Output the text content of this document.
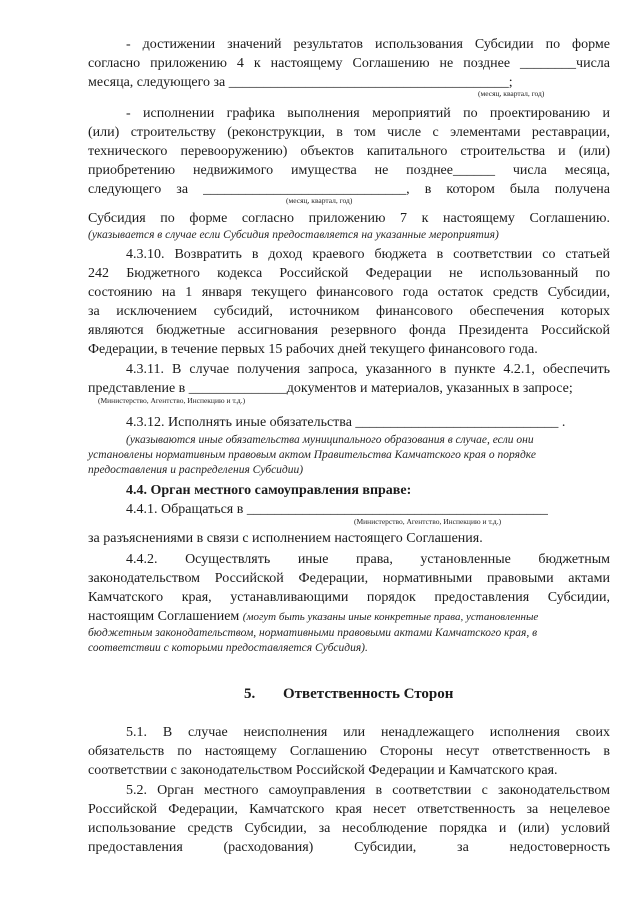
- достижении значений результатов использования Субсидии по форме
согласно приложению 4 к настоящему Соглашению не позднее ________числа
месяца, следующего за ________________________________________;
(месяц, квартал, год)
- исполнении графика выполнения мероприятий по проектированию и
(или) строительству (реконструкции, в том числе с элементами реставрации,
технического перевооружению) объектов капитального строительства и (или)
приобретению недвижимого имущества не позднее______ числа месяца,
следующего за _____________________________, в котором была получена
(месяц, квартал, год)
Субсидия по форме согласно приложению 7 к настоящему Соглашению.
(указывается в случае если Субсидия предоставляется на указанные мероприятия)
4.3.10. Возвратить в доход краевого бюджета в соответствии со статьей
242 Бюджетного кодекса Российской Федерации не использованный по
состоянию на 1 января текущего финансового года остаток средств Субсидии,
за исключением субсидий, источником финансового обеспечения которых
являются бюджетные ассигнования резервного фонда Президента Российской
Федерации, в течение первых 15 рабочих дней текущего финансового года.
4.3.11. В случае получения запроса, указанного в пункте 4.2.1, обеспечить
представление в ______________документов и материалов, указанных в запросе;
(Министерство, Агентство, Инспекцию и т.д.)
4.3.12. Исполнять иные обязательства _____________________________ .
(указываются иные обязательства муниципального образования в случае, если они
установлены нормативным правовым актом Правительства Камчатского края о порядке
предоставления и распределения Субсидии)
4.4. Орган местного самоуправления вправе:
4.4.1. Обращаться в ___________________________________________
(Министерство, Агентство, Инспекцию и т.д.)
за разъяснениями в связи с исполнением настоящего Соглашения.
4.4.2. Осуществлять иные права, установленные бюджетным
законодательством Российской Федерации, нормативными правовыми актами
Камчатского края, устанавливающими порядок предоставления Субсидии,
настоящим Соглашением (могут быть указаны иные конкретные права, установленные
бюджетным законодательством, нормативными правовыми актами Камчатского края, в
соответствии с которыми предоставляется Субсидия).
5. Ответственность Сторон
5.1. В случае неисполнения или ненадлежащего исполнения своих
обязательств по настоящему Соглашению Стороны несут ответственность в
соответствии с законодательством Российской Федерации и Камчатского края.
5.2. Орган местного самоуправления в соответствии с законодательством
Российской Федерации, Камчатского края несет ответственность за нецелевое
использование средств Субсидии, за несоблюдение порядка и (или) условий
предоставления (расходования) Субсидии, за недостоверность
